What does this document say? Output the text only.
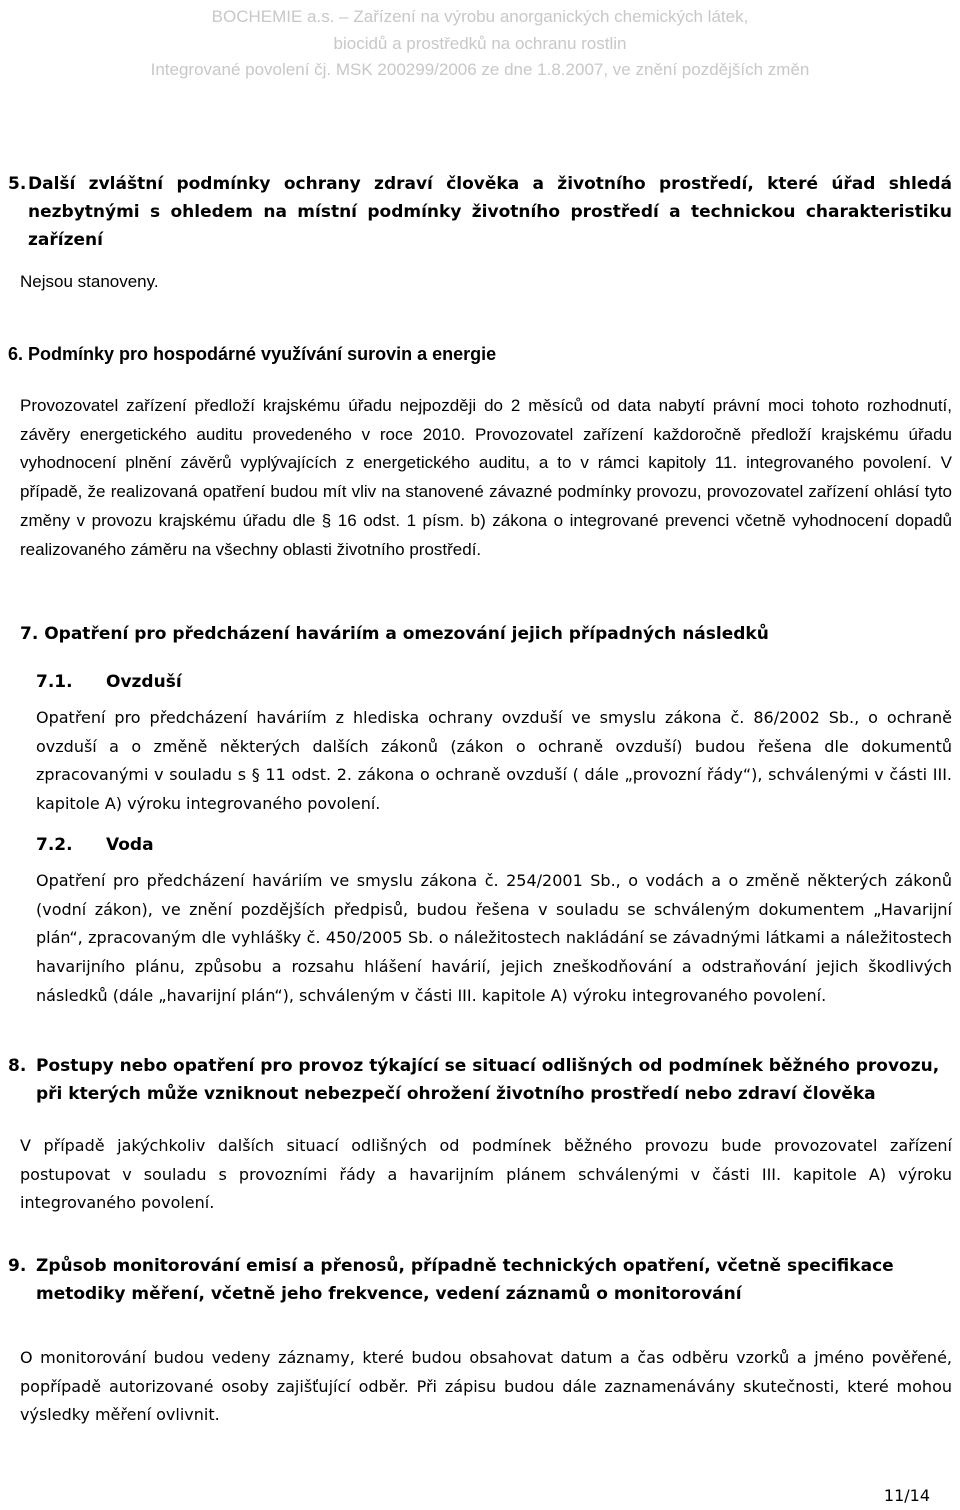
BOCHEMIE a.s. – Zařízení na výrobu anorganických chemických látek,
biocidů a prostředků na ochranu rostlin
Integrované povolení čj. MSK 200299/2006 ze dne 1.8.2007, ve znění pozdějších změn
5. Další zvláštní podmínky ochrany zdraví člověka a životního prostředí, které úřad shledá nezbytnými s ohledem na místní podmínky životního prostředí a technickou charakteristiku zařízení
Nejsou stanoveny.
6. Podmínky pro hospodárné využívání surovin a energie
Provozovatel zařízení předloží krajskému úřadu nejpozději do 2 měsíců od data nabytí právní moci tohoto rozhodnutí, závěry energetického auditu provedeného v roce 2010. Provozovatel zařízení každoročně předloží krajskému úřadu vyhodnocení plnění závěrů vyplývajících z energetického auditu, a to v rámci kapitoly 11. integrovaného povolení. V případě, že realizovaná opatření budou mít vliv na stanovené závazné podmínky provozu, provozovatel zařízení ohlásí tyto změny v provozu krajskému úřadu dle § 16 odst. 1 písm. b) zákona o integrované prevenci včetně vyhodnocení dopadů realizovaného záměru na všechny oblasti životního prostředí.
7. Opatření pro předcházení haváriím a omezování jejich případných následků
7.1. Ovzduší
Opatření pro předcházení haváriím z hlediska ochrany ovzduší ve smyslu zákona č. 86/2002 Sb., o ochraně ovzduší a o změně některých dalších zákonů (zákon o ochraně ovzduší) budou řešena dle dokumentů zpracovanými v souladu s § 11 odst. 2. zákona o ochraně ovzduší ( dále „provozní řády“), schválenými v části III. kapitole A) výroku integrovaného povolení.
7.2. Voda
Opatření pro předcházení haváriím ve smyslu zákona č. 254/2001 Sb., o vodách a o změně některých zákonů (vodní zákon), ve znění pozdějších předpisů, budou řešena v souladu se schváleným dokumentem „Havarijní plán“, zpracovaným dle vyhlášky č. 450/2005 Sb. o náležitostech nakládání se závadnými látkami a náležitostech havarijního plánu, způsobu a rozsahu hlášení havárií, jejich zneškodňování a odstraňování jejich škodlivých následků (dále „havarijní plán“), schváleným v části III. kapitole A) výroku integrovaného povolení.
8. Postupy nebo opatření pro provoz týkající se situací odlišných od podmínek běžného provozu, při kterých může vzniknout nebezpečí ohrožení životního prostředí nebo zdraví člověka
V případě jakýchkoliv dalších situací odlišných od podmínek běžného provozu bude provozovatel zařízení postupovat v souladu s provozními řády a havarijním plánem schválenými v části III. kapitole A) výroku integrovaného povolení.
9. Způsob monitorování emisí a přenosů, případně technických opatření, včetně specifikace metodiky měření, včetně jeho frekvence, vedení záznamů o monitorování
O monitorování budou vedeny záznamy, které budou obsahovat datum a čas odběru vzorků a jméno pověřené, popřípadě autorizované osoby zajišťující odběr. Při zápisu budou dále zaznamenávány skutečnosti, které mohou výsledky měření ovlivnit.
11/14
